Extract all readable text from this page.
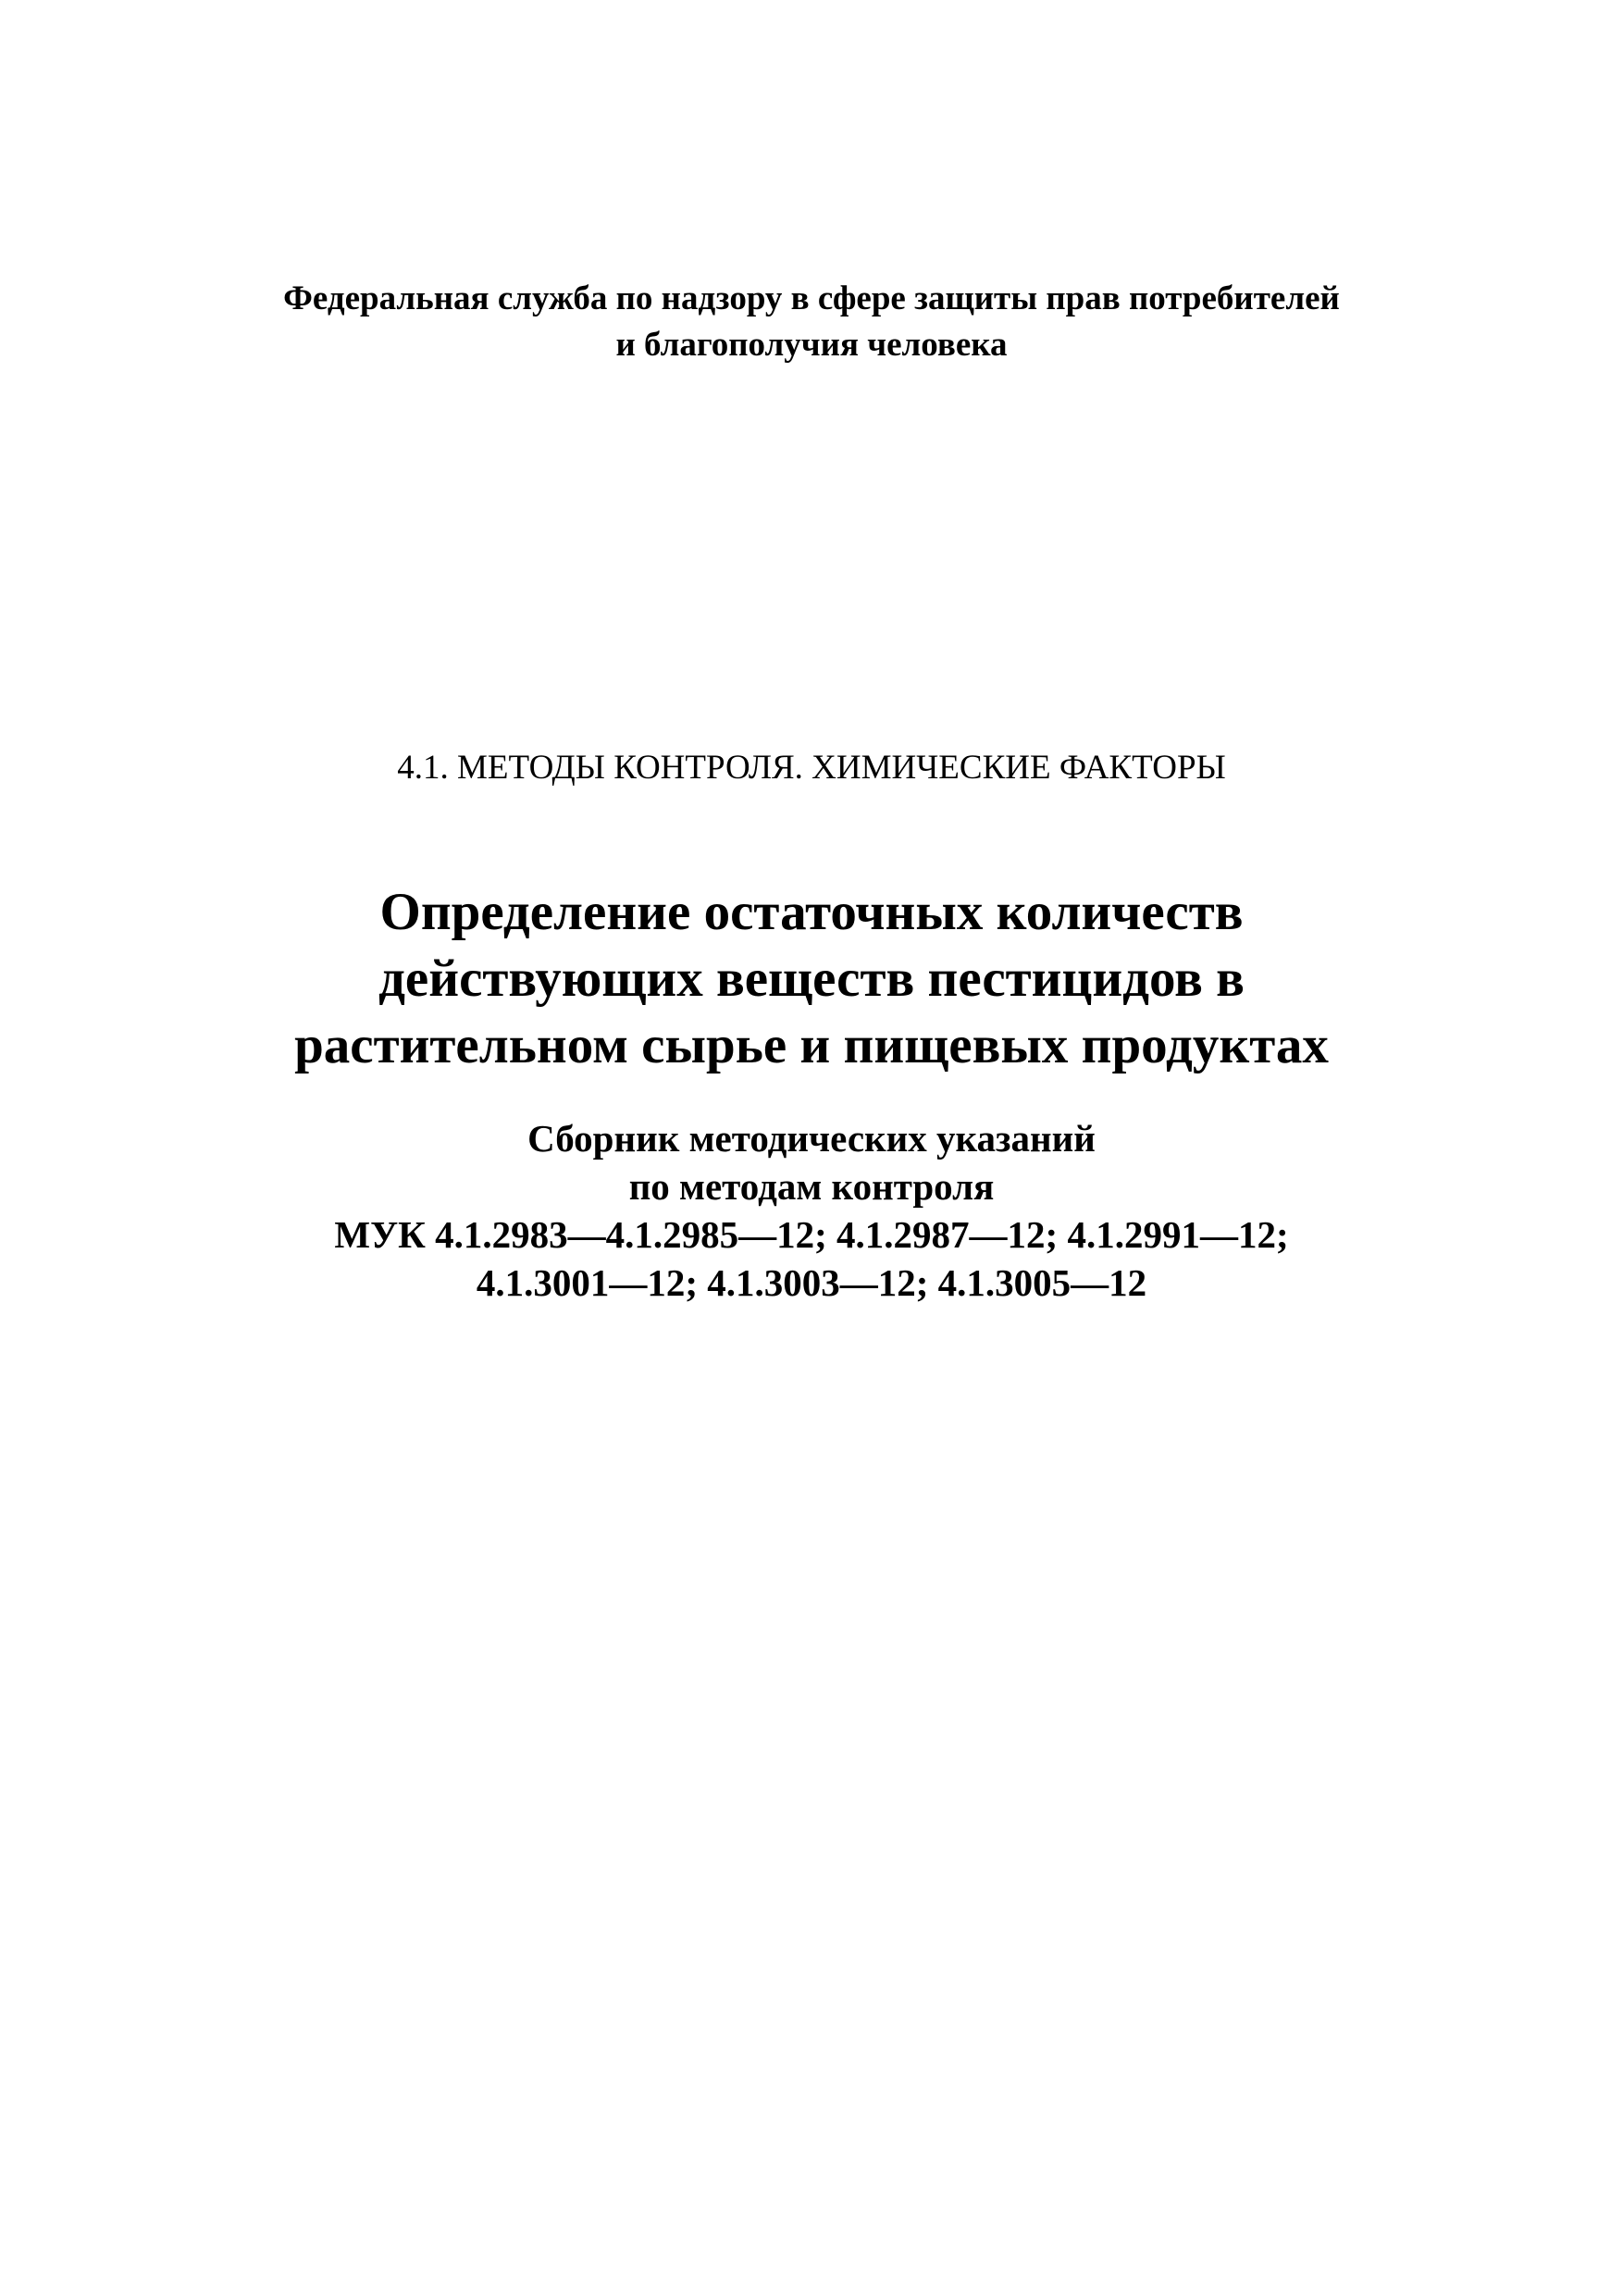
Федеральная служба по надзору в сфере защиты прав потребителей
и благополучия человека
4.1. МЕТОДЫ КОНТРОЛЯ. ХИМИЧЕСКИЕ ФАКТОРЫ
Определение остаточных количеств
действующих веществ пестицидов в
растительном сырье и пищевых продуктах
Сборник методических указаний
по методам контроля
МУК 4.1.2983—4.1.2985—12; 4.1.2987—12; 4.1.2991—12;
4.1.3001—12; 4.1.3003—12; 4.1.3005—12
